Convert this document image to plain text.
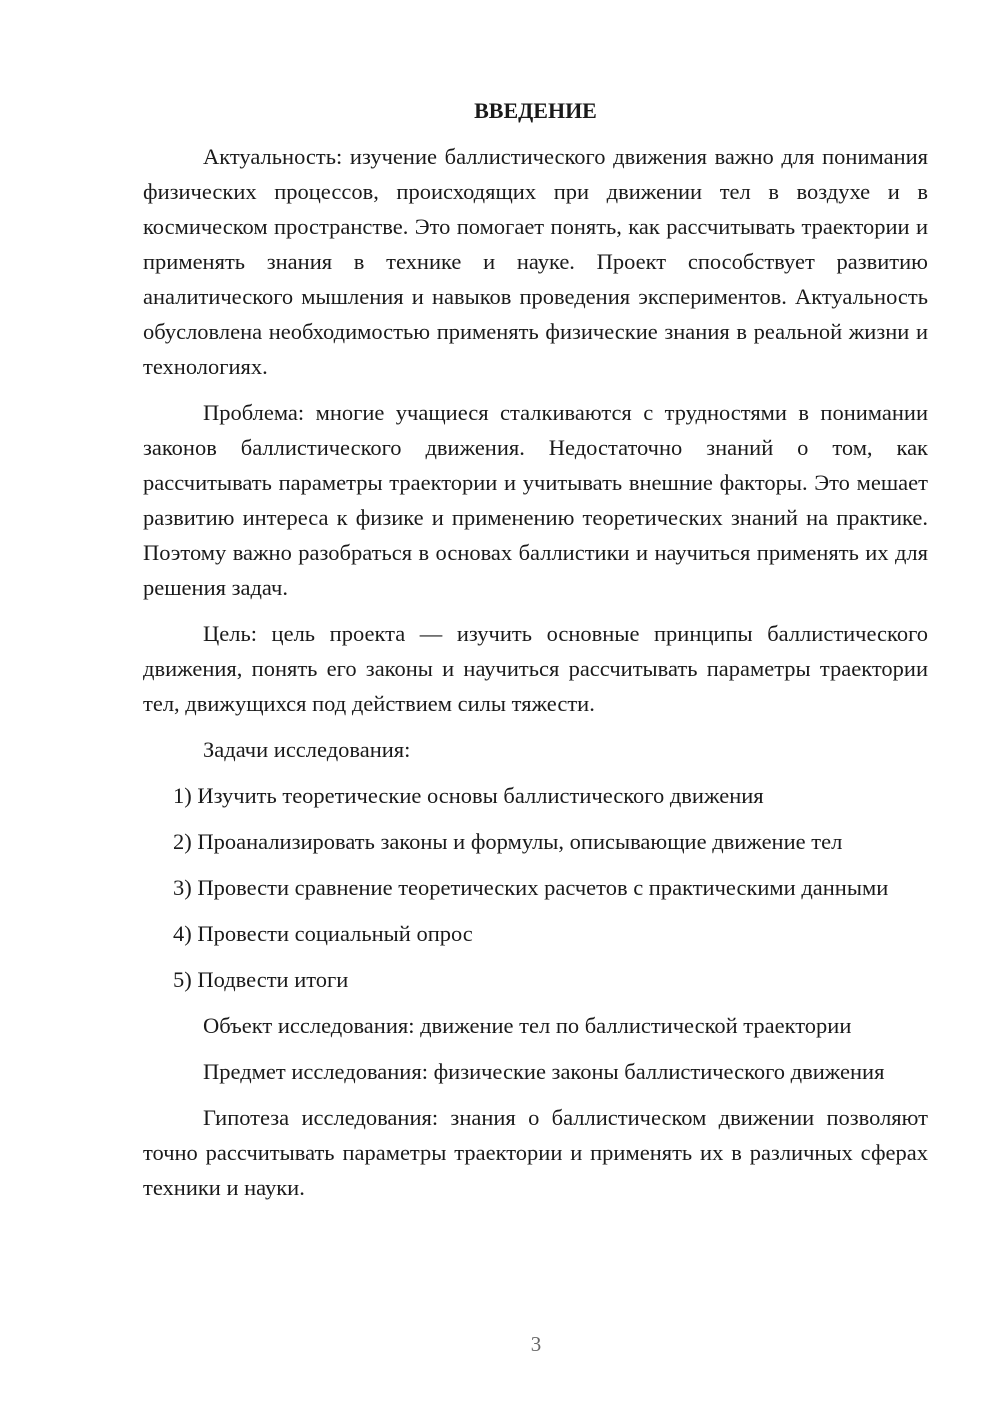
ВВЕДЕНИЕ

Актуальность: изучение баллистического движения важно для понимания физических процессов, происходящих при движении тел в воздухе и в космическом пространстве. Это помогает понять, как рассчитывать траектории и применять знания в технике и науке. Проект способствует развитию аналитического мышления и навыков проведения экспериментов. Актуальность обусловлена необходимостью применять физические знания в реальной жизни и технологиях.

Проблема: многие учащиеся сталкиваются с трудностями в понимании законов баллистического движения. Недостаточно знаний о том, как рассчитывать параметры траектории и учитывать внешние факторы. Это мешает развитию интереса к физике и применению теоретических знаний на практике. Поэтому важно разобраться в основах баллистики и научиться применять их для решения задач.

Цель: цель проекта — изучить основные принципы баллистического движения, понять его законы и научиться рассчитывать параметры траектории тел, движущихся под действием силы тяжести.

Задачи исследования:

1) Изучить теоретические основы баллистического движения

2) Проанализировать законы и формулы, описывающие движение тел

3) Провести сравнение теоретических расчетов с практическими данными

4) Провести социальный опрос

5) Подвести итоги

Объект исследования: движение тел по баллистической траектории

Предмет исследования: физические законы баллистического движения

Гипотеза исследования: знания о баллистическом движении позволяют точно рассчитывать параметры траектории и применять их в различных сферах техники и науки.

3
